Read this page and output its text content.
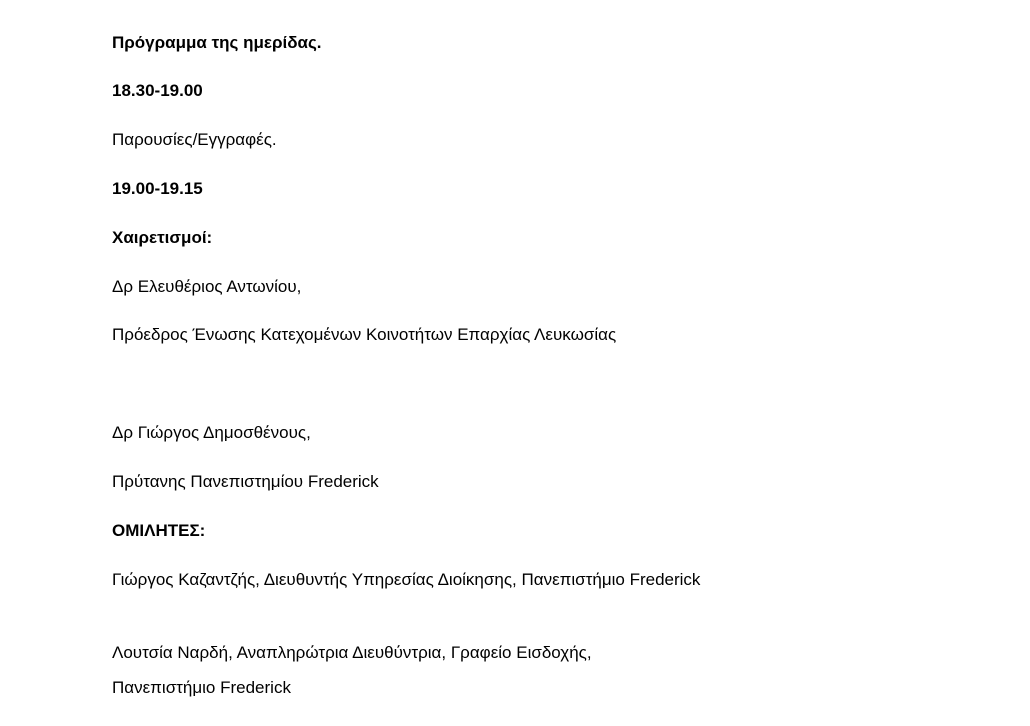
Πρόγραμμα της ημερίδας.
18.30-19.00
Παρουσίες/Εγγραφές.
19.00-19.15
Χαιρετισμοί:
Δρ Ελευθέριος Αντωνίου,
Πρόεδρος Ένωσης Κατεχομένων Κοινοτήτων Επαρχίας Λευκωσίας
Δρ Γιώργος Δημοσθένους,
Πρύτανης Πανεπιστημίου Frederick
ΟΜΙΛΗΤΕΣ:
Γιώργος Καζαντζής, Διευθυντής Υπηρεσίας Διοίκησης, Πανεπιστήμιο Frederick
Λουτσία Ναρδή, Αναπληρώτρια Διευθύντρια, Γραφείο Εισδοχής,
Πανεπιστήμιο Frederick
